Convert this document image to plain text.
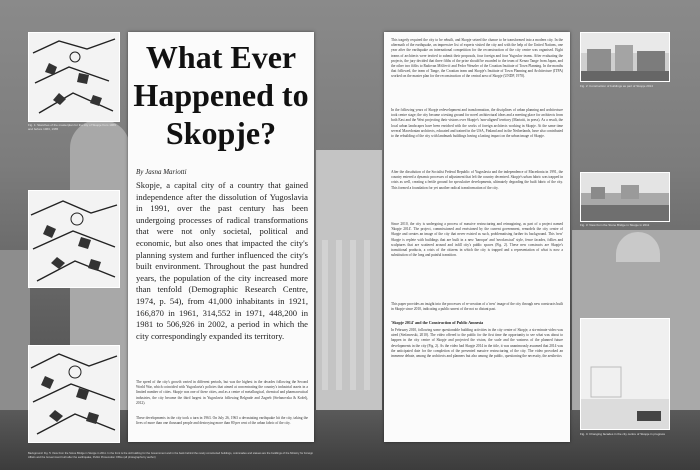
Fig. 1: Sketches of the masterplan for the city of Skopje from 1966 and before 1963, 1965
What Ever Happened to Skopje?
By Jasna Mariotti

Skopje, a capital city of a country that gained independence after the dissolution of Yugoslavia in 1991, over the past century has been undergoing processes of radical transformations that were not only societal, political and economic, but also ones that impacted the city's planning system and further influenced the city's built environment. Throughout the past hundred years, the population of the city increased more than tenfold (Demographic Research Centre, 1974, p. 54), from 41,000 inhabitants in 1921, 166,870 in 1961, 314,552 in 1971, 448,200 in 1981 to 506,926 in 2002, a period in which the city correspondingly expanded its territory.

The speed of the city's growth varied in different periods, but was the highest in the decades following the Second World War, which coincided with Yugoslavia's policies that aimed at concentrating the country's industrial assets in a limited number of cities. Skopje was one of these cities, and as a centre of metallurgical, chemical and pharmaceutical industries, the city became the third largest in Yugoslavia following Belgrade and Zagreb (Stefanovska & Koželj, 2012).

These developments in the city took a turn in 1963. On July 26, 1963 a devastating earthquake hit the city, taking the lives of more than one thousand people and destroying more than 80 per cent of the urban fabric of the city.

This tragedy required the city to be rebuilt, and Skopje seized the chance to be transformed into a modern city. In the aftermath of the earthquake, an impressive list of experts visited the city and with the help of the United Nations, one year after the earthquake an international competition for the reconstruction of the city centre was organised. Eight teams of architects were invited to submit their proposals, four foreign and four Yugoslav teams. After evaluating the projects, the jury decided that three fifths of the prize should be awarded to the team of Kenzo Tange from Japan, and the other two fifths to Radovan Miščević and Fedor Wenzler of the Croatian Institute of Town Planning. In the months that followed, the team of Tange, the Croatian team and Skopje's Institute of Town Planning and Architecture (ITPA) worked on the master plan for the reconstruction of the central area of Skopje (UNDP, 1970).

In the following years of Skopje redevelopment and transformation, the disciplines of urban planning and architecture took centre stage; the city became a testing ground for novel architectural ideas and a meeting place for architects from both East and the West projecting their visions over Skopje's 'non-aligned' territory (Mariotti, in press). As a result, the local urban landscapes have been enriched with the works of foreign architects working in Skopje. At the same time several Macedonian architects, educated and trained in the USA, Finland and in the Netherlands, have also contributed to the rebuilding of the city with landmark buildings having a lasting impact on the urban image of Skopje.

After the dissolution of the Socialist Federal Republic of Yugoslavia and the independence of Macedonia in 1991, the country entered a dynamic processes of adjustment that left the country decentred. Skopje's urban fabric was trapped in crisis as well, creating a fertile ground for speculative developments, ultimately degrading the built fabric of the city. This formed a foundation for yet another radical transformation of the city.

Since 2010, the city is undergoing a process of massive restructuring and reimagining, as part of a project named 'Skopje 2014'. The project, commissioned and envisioned by the current government, remodels the city centre of Skopje and creates an image of the city that never existed as such, problematising further its background. This 'new' Skopje is replete with buildings that are built in a new 'baroque' and 'neoclassical' style, fence facades, follies and sculptures that are scattered around and infill city's public spaces (Fig. 2). These new constructs are Skopje's transitional products, a crisis of the citizens in which the city is trapped and a representation of what is now a substitution of the long and painful transition.

This paper provides an insight into the processes of re-creation of a 'new' image of the city through new constructs built in Skopje since 2010, indicating a public unrest of the not so distant past.

'Skopje 2014' and the Construction of Public Amnesia

In February 2010, following some questionable building activities in the city centre of Skopje, a six-minute video was aired (Stefanovski, 2010). The video offered to the public for the first time the opportunity to see what was about to happen in the city centre of Skopje and projected the vision, the scale and the vastness of the planned future developments in the city (Fig. 2). As the video had Skopje 2014 in the title, it was unanimously assumed that 2014 was the anticipated date for the completion of the presented massive restructuring of the city. The video provoked an immense debate, among the architects and planners but also among the public, questioning the necessity, the aesthetics

Fig. 2: Construction of buildings as part of Skopje 2014
Fig. 3: View from the Stone Bridge in Skopje in 2011
Fig. 4: Changing facades in the city centre of Skopje in progress
Background: Fig. 5: View from the Stone Bridge in Skopje in 2011. In the front is the old building for the Government and in the back behind the newly constructed buildings, colonnades and statues are the buildings of the Ministry for Foreign Affairs and the Government built after the earthquake, Public Prosecution Office (all photographs by author)
